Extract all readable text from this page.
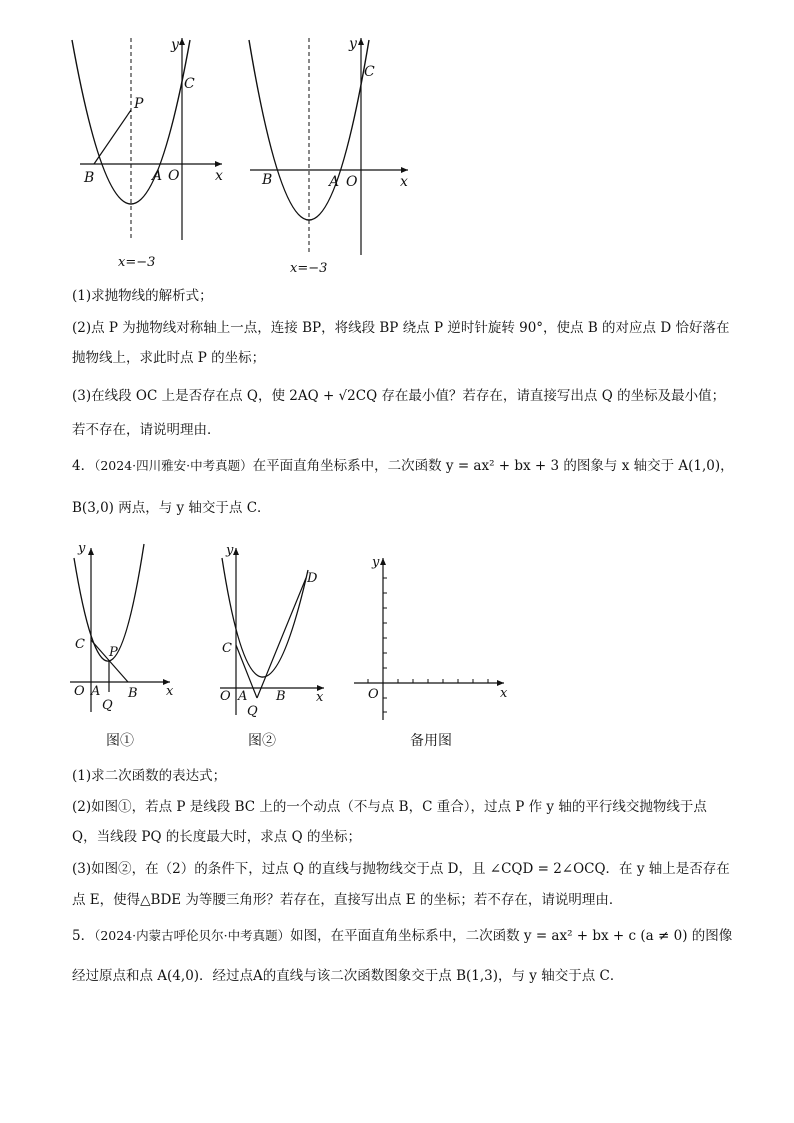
y
x
P
C
B	A O
x=−3
y
x
C
B	A O
x=−3
(1)求抛物线的解析式；
(2)点 P 为抛物线对称轴上一点，连接 BP，将线段 BP 绕点 P 逆时针旋转 90°，使点 B 的对应点 D 恰好落在
抛物线上，求此时点 P 的坐标；
(3)在线段 OC 上是否存在点 Q，使 2AQ + √2CQ 存在最小值？若存在，请直接写出点 Q 的坐标及最小值；
若不存在，请说明理由．
4．（2024·四川雅安·中考真题）在平面直角坐标系中，二次函数 y = ax² + bx + 3 的图象与 x 轴交于 A(1,0)，
B(3,0) 两点，与 y 轴交于点 C．
y
x
C
P
O A B
Q
图①
y
x
C
D
O A B
Q
图②
y
x
O
备用图
(1)求二次函数的表达式；
(2)如图①，若点 P 是线段 BC 上的一个动点（不与点 B，C 重合），过点 P 作 y 轴的平行线交抛物线于点
Q，当线段 PQ 的长度最大时，求点 Q 的坐标；
(3)如图②，在（2）的条件下，过点 Q 的直线与抛物线交于点 D，且 ∠CQD = 2∠OCQ．在 y 轴上是否存在
点 E，使得△BDE 为等腰三角形？若存在，直接写出点 E 的坐标；若不存在，请说明理由．
5．（2024·内蒙古呼伦贝尔·中考真题）如图，在平面直角坐标系中，二次函数 y = ax² + bx + c (a ≠ 0) 的图像
经过原点和点 A(4,0)．经过点A的直线与该二次函数图象交于点 B(1,3)，与 y 轴交于点 C．
